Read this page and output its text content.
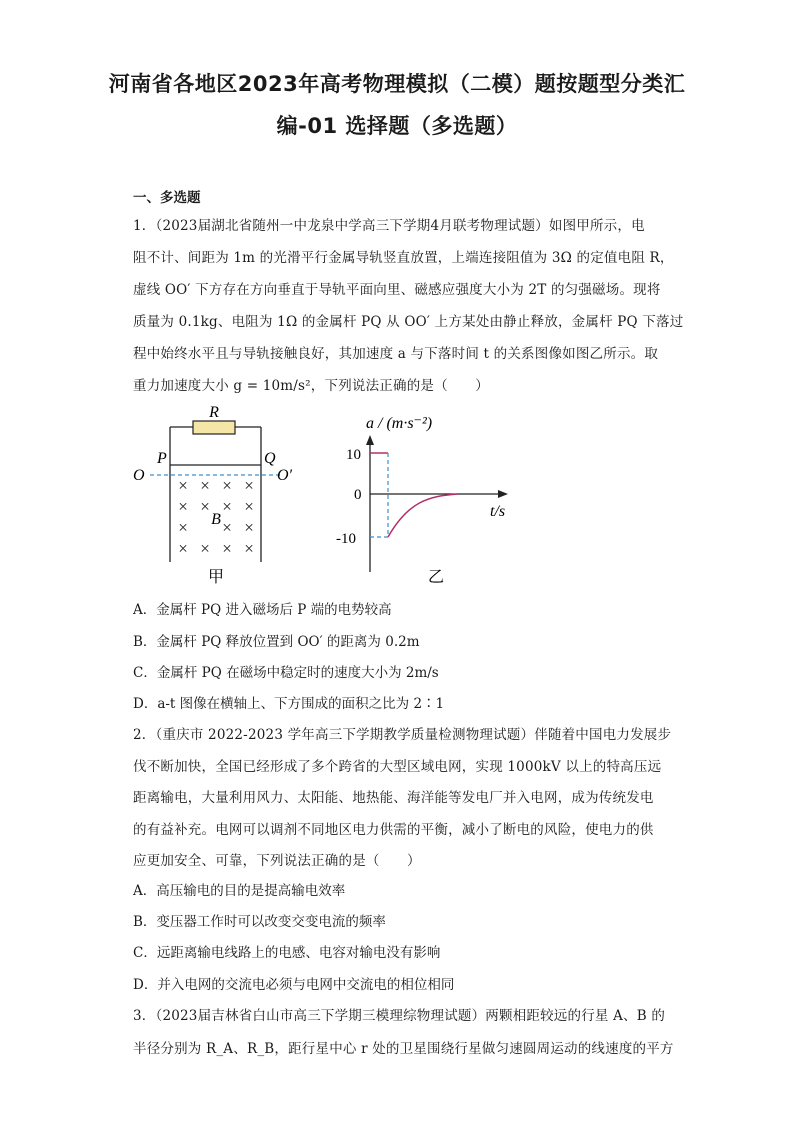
河南省各地区2023年高考物理模拟（二模）题按题型分类汇
编-01 选择题（多选题）
一、多选题
1．（2023届湖北省随州一中龙泉中学高三下学期4月联考物理试题）如图甲所示，电
阻不计、间距为 1m 的光滑平行金属导轨竖直放置，上端连接阻值为 3Ω 的定值电阻 R，
虚线 OO′ 下方存在方向垂直于导轨平面向里、磁感应强度大小为 2T 的匀强磁场。现将
质量为 0.1kg、电阻为 1Ω 的金属杆 PQ 从 OO′ 上方某处由静止释放，金属杆 PQ 下落过
程中始终水平且与导轨接触良好，其加速度 a 与下落时间 t 的关系图像如图乙所示。取
重力加速度大小 g = 10m/s²，下列说法正确的是（　　）
R
P	Q
O	O′
× × × ×
× × × ×
× × ×
× × × ×
B
甲
a / (m·s⁻²)
t/s
10
0
-10
乙
A．金属杆 PQ 进入磁场后 P 端的电势较高
B．金属杆 PQ 释放位置到 OO′ 的距离为 0.2m
C．金属杆 PQ 在磁场中稳定时的速度大小为 2m/s
D．a-t 图像在横轴上、下方围成的面积之比为 2∶1
2．（重庆市 2022-2023 学年高三下学期教学质量检测物理试题）伴随着中国电力发展步
伐不断加快，全国已经形成了多个跨省的大型区域电网，实现 1000kV 以上的特高压远
距离输电，大量利用风力、太阳能、地热能、海洋能等发电厂并入电网，成为传统发电
的有益补充。电网可以调剂不同地区电力供需的平衡，减小了断电的风险，使电力的供
应更加安全、可靠，下列说法正确的是（　　）
A．高压输电的目的是提高输电效率
B．变压器工作时可以改变交变电流的频率
C．远距离输电线路上的电感、电容对输电没有影响
D．并入电网的交流电必须与电网中交流电的相位相同
3．（2023届吉林省白山市高三下学期三模理综物理试题）两颗相距较远的行星 A、B 的
半径分别为 R_A、R_B，距行星中心 r 处的卫星围绕行星做匀速圆周运动的线速度的平方
